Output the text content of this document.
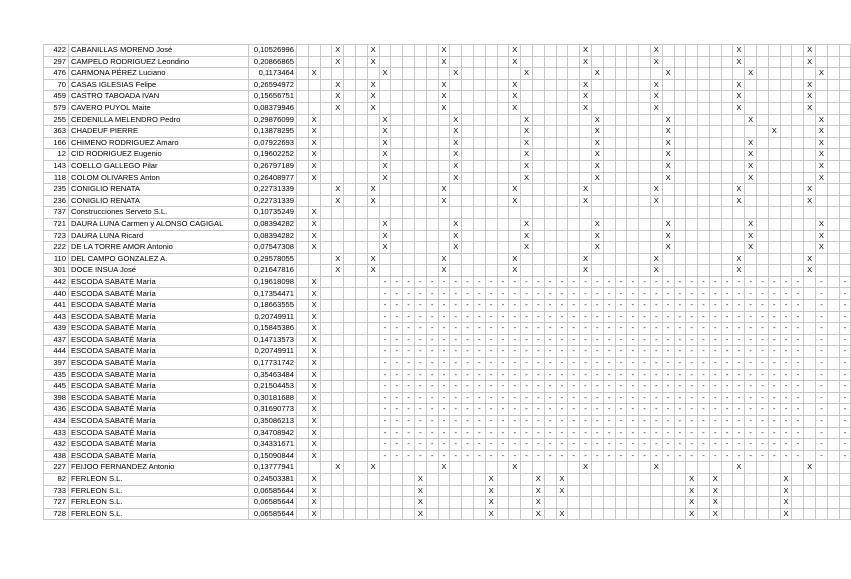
422	CABANILLAS MORENO José	0,10526996				X			X						X						X						X						X							X						X			
297	CAMPELO RODRIGUEZ Leondino	0,20866865				X			X						X						X						X						X							X						X			
476	CARMONA PÉREZ Luciano	0,1173464		X						X						X						X						X						X							X						X		
70	CASAS IGLESIAS Felipe	0,26594972				X			X						X						X						X						X							X						X			
459	CASTRO TABOADA IVAN	0,15656751				X			X						X						X						X						X							X						X			
579	CAVERO PUYOL Maite	0,08379946				X			X						X						X						X						X							X						X			
255	CEDENILLA MELENDRO Pedro	0,29876099		X						X						X						X						X						X							X						X		
363	CHADEUF PIERRE	0,13878295		X						X						X						X						X						X									X				X		
166	CHIMENO RODRIGUEZ Amaro	0,07922693		X						X						X						X						X						X							X						X		
12	CID RODRIGUEZ Eugenio	0,19602252		X						X						X						X						X						X							X						X		
143	COELLO GALLEGO Pilar	0,26797189		X						X						X						X						X						X							X						X		
118	COLOM OLIVARES Anton	0,26408977		X						X						X						X						X						X							X						X		
235	CONIGLIO RENATA	0,22731339				X			X						X						X						X						X							X						X			
236	CONIGLIO RENATA	0,22731339				X			X						X						X						X						X							X						X			
737	Construcciones Serveto S.L.	0,10735249		X																																													
721	DAURA LUNA Carmen y ALONSO CAGIGAL	0,08394282		X						X						X						X						X						X							X						X		
723	DAURA LUNA Ricard	0,08394282		X						X						X						X						X						X							X						X		
222	DE LA TORRE AMOR Antonio	0,07547308		X						X						X						X						X						X							X						X		
110	DEL CAMPO GONZALEZ A.	0,29578055				X			X						X						X						X						X							X						X			
301	DOCE INSUA José	0,21647816				X			X						X						X						X						X							X						X			
442	ESCODA SABATÉ María	0,19618098		X						-	-	-	-	-	-	-	-	-	-	-	-	-	-	-	-	-	-	-	-	-	-	-	-	-	-	-	-	-	-	-	-	-	-	-	-		-		-
440	ESCODA SABATÉ María	0,17354471		X						-	-	-	-	-	-	-	-	-	-	-	-	-	-	-	-	-	-	-	-	-	-	-	-	-	-	-	-	-	-	-	-	-	-	-	-		-		-
441	ESCODA SABATÉ María	0,18663555		X						-	-	-	-	-	-	-	-	-	-	-	-	-	-	-	-	-	-	-	-	-	-	-	-	-	-	-	-	-	-	-	-	-	-	-	-		-		-
443	ESCODA SABATÉ María	0,20749911		X						-	-	-	-	-	-	-	-	-	-	-	-	-	-	-	-	-	-	-	-	-	-	-	-	-	-	-	-	-	-	-	-	-	-	-	-		-		-
439	ESCODA SABATÉ María	0,15845386		X						-	-	-	-	-	-	-	-	-	-	-	-	-	-	-	-	-	-	-	-	-	-	-	-	-	-	-	-	-	-	-	-	-	-	-	-		-		-
437	ESCODA SABATÉ María	0,14713573		X						-	-	-	-	-	-	-	-	-	-	-	-	-	-	-	-	-	-	-	-	-	-	-	-	-	-	-	-	-	-	-	-	-	-	-	-		-		-
444	ESCODA SABATÉ María	0,20749911		X						-	-	-	-	-	-	-	-	-	-	-	-	-	-	-	-	-	-	-	-	-	-	-	-	-	-	-	-	-	-	-	-	-	-	-	-		-		-
397	ESCODA SABATÉ María	0,17731742		X						-	-	-	-	-	-	-	-	-	-	-	-	-	-	-	-	-	-	-	-	-	-	-	-	-	-	-	-	-	-	-	-	-	-	-	-		-		-
435	ESCODA SABATÉ María	0,35463484		X						-	-	-	-	-	-	-	-	-	-	-	-	-	-	-	-	-	-	-	-	-	-	-	-	-	-	-	-	-	-	-	-	-	-	-	-		-		-
445	ESCODA SABATÉ María	0,21504453		X						-	-	-	-	-	-	-	-	-	-	-	-	-	-	-	-	-	-	-	-	-	-	-	-	-	-	-	-	-	-	-	-	-	-	-	-		-		-
398	ESCODA SABATÉ María	0,30181688		X						-	-	-	-	-	-	-	-	-	-	-	-	-	-	-	-	-	-	-	-	-	-	-	-	-	-	-	-	-	-	-	-	-	-	-	-		-		-
436	ESCODA SABATÉ María	0,31690773		X						-	-	-	-	-	-	-	-	-	-	-	-	-	-	-	-	-	-	-	-	-	-	-	-	-	-	-	-	-	-	-	-	-	-	-	-		-		-
434	ESCODA SABATÉ María	0,35086213		X						-	-	-	-	-	-	-	-	-	-	-	-	-	-	-	-	-	-	-	-	-	-	-	-	-	-	-	-	-	-	-	-	-	-	-	-		-		-
433	ESCODA SABATÉ María	0,34708942		X						-	-	-	-	-	-	-	-	-	-	-	-	-	-	-	-	-	-	-	-	-	-	-	-	-	-	-	-	-	-	-	-	-	-	-	-		-		-
432	ESCODA SABATÉ María	0,34331671		X						-	-	-	-	-	-	-	-	-	-	-	-	-	-	-	-	-	-	-	-	-	-	-	-	-	-	-	-	-	-	-	-	-	-	-	-		-		-
438	ESCODA SABATÉ María	0,15090844		X						-	-	-	-	-	-	-	-	-	-	-	-	-	-	-	-	-	-	-	-	-	-	-	-	-	-	-	-	-	-	-	-	-	-	-	-		-		-
227	FEIJOO FERNANDEZ Antonio	0,13777941				X			X						X						X						X						X							X						X			
82	FERLEON S.L.	0,24503381		X									X						X				X		X											X		X						X					
733	FERLEON S.L.	0,06585644		X									X						X				X		X											X		X						X					
727	FERLEON S.L.	0,06585644		X									X						X				X													X		X						X					
728	FERLEON S.L.	0,06585644		X									X						X				X		X											X		X						X					
